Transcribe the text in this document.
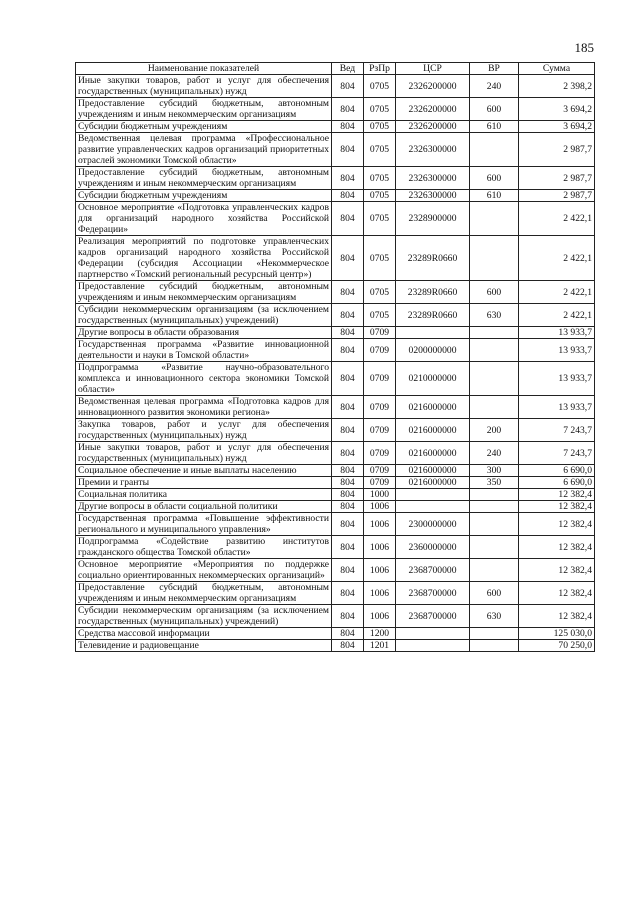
185
Наименование показателей	Вед	РзПр	ЦСР	ВР	Сумма
Иные закупки товаров, работ и услуг для обеспечения государственных (муниципальных) нужд	804	0705	2326200000	240	2 398,2
Предоставление субсидий бюджетным, автономным учреждениям и иным некоммерческим организациям	804	0705	2326200000	600	3 694,2
Субсидии бюджетным учреждениям	804	0705	2326200000	610	3 694,2
Ведомственная целевая программа «Профессиональное развитие управленческих кадров организаций приоритетных отраслей экономики Томской области»	804	0705	2326300000		2 987,7
Предоставление субсидий бюджетным, автономным учреждениям и иным некоммерческим организациям	804	0705	2326300000	600	2 987,7
Субсидии бюджетным учреждениям	804	0705	2326300000	610	2 987,7
Основное мероприятие «Подготовка управленческих кадров для организаций народного хозяйства Российской Федерации»	804	0705	2328900000		2 422,1
Реализация мероприятий по подготовке управленческих кадров организаций народного хозяйства Российской Федерации (субсидия Ассоциации «Некоммерческое партнерство «Томский региональный ресурсный центр»)	804	0705	23289R0660		2 422,1
Предоставление субсидий бюджетным, автономным учреждениям и иным некоммерческим организациям	804	0705	23289R0660	600	2 422,1
Субсидии некоммерческим организациям (за исключением государственных (муниципальных) учреждений)	804	0705	23289R0660	630	2 422,1
Другие вопросы в области образования	804	0709			13 933,7
Государственная программа «Развитие инновационной деятельности и науки в Томской области»	804	0709	0200000000		13 933,7
Подпрограмма «Развитие научно-образовательного комплекса и инновационного сектора экономики Томской области»	804	0709	0210000000		13 933,7
Ведомственная целевая программа «Подготовка кадров для инновационного развития экономики региона»	804	0709	0216000000		13 933,7
Закупка товаров, работ и услуг для обеспечения государственных (муниципальных) нужд	804	0709	0216000000	200	7 243,7
Иные закупки товаров, работ и услуг для обеспечения государственных (муниципальных) нужд	804	0709	0216000000	240	7 243,7
Социальное обеспечение и иные выплаты населению	804	0709	0216000000	300	6 690,0
Премии и гранты	804	0709	0216000000	350	6 690,0
Социальная политика	804	1000			12 382,4
Другие вопросы в области социальной политики	804	1006			12 382,4
Государственная программа «Повышение эффективности регионального и муниципального управления»	804	1006	2300000000		12 382,4
Подпрограмма «Содействие развитию институтов гражданского общества Томской области»	804	1006	2360000000		12 382,4
Основное мероприятие «Мероприятия по поддержке социально ориентированных некоммерческих организаций»	804	1006	2368700000		12 382,4
Предоставление субсидий бюджетным, автономным учреждениям и иным некоммерческим организациям	804	1006	2368700000	600	12 382,4
Субсидии некоммерческим организациям (за исключением государственных (муниципальных) учреждений)	804	1006	2368700000	630	12 382,4
Средства массовой информации	804	1200			125 030,0
Телевидение и радиовещание	804	1201			70 250,0
